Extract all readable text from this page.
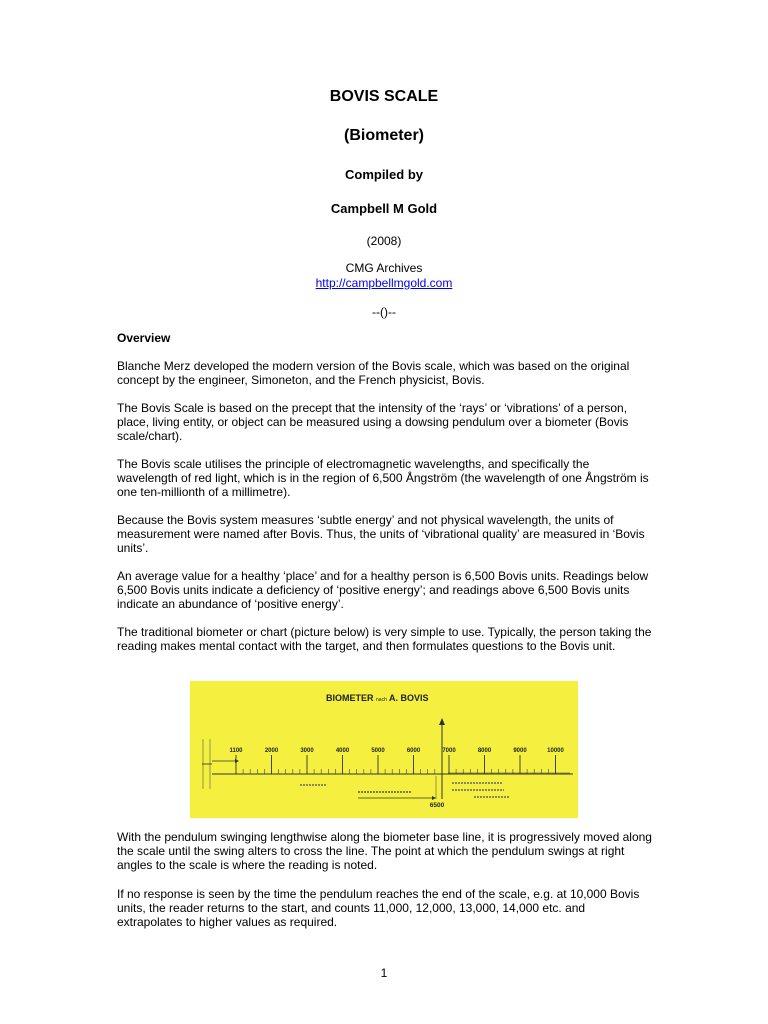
BOVIS SCALE
(Biometer)
Compiled by
Campbell M Gold
(2008)
CMG Archives
http://campbellmgold.com
--()--

Overview

Blanche Merz developed the modern version of the Bovis scale, which was based on the original concept by the engineer, Simoneton, and the French physicist, Bovis.

The Bovis Scale is based on the precept that the intensity of the ‘rays’ or ‘vibrations’ of a person, place, living entity, or object can be measured using a dowsing pendulum over a biometer (Bovis scale/chart).

The Bovis scale utilises the principle of electromagnetic wavelengths, and specifically the wavelength of red light, which is in the region of 6,500 Ångström (the wavelength of one Ångström is one ten-millionth of a millimetre).

Because the Bovis system measures ‘subtle energy’ and not physical wavelength, the units of measurement were named after Bovis. Thus, the units of ‘vibrational quality’ are measured in ‘Bovis units’.

An average value for a healthy ‘place’ and for a healthy person is 6,500 Bovis units. Readings below 6,500 Bovis units indicate a deficiency of ‘positive energy’; and readings above 6,500 Bovis units indicate an abundance of ‘positive energy’.

The traditional biometer or chart (picture below) is very simple to use. Typically, the person taking the reading makes mental contact with the target, and then formulates questions to the Bovis unit.

BIOMETER nach A. BOVIS
1100	2000	3000	4000	5000	6000	7000	8000	9000	10000
6500

With the pendulum swinging lengthwise along the biometer base line, it is progressively moved along the scale until the swing alters to cross the line. The point at which the pendulum swings at right angles to the scale is where the reading is noted.

If no response is seen by the time the pendulum reaches the end of the scale, e.g. at 10,000 Bovis units, the reader returns to the start, and counts 11,000, 12,000, 13,000, 14,000 etc. and extrapolates to higher values as required.

1
